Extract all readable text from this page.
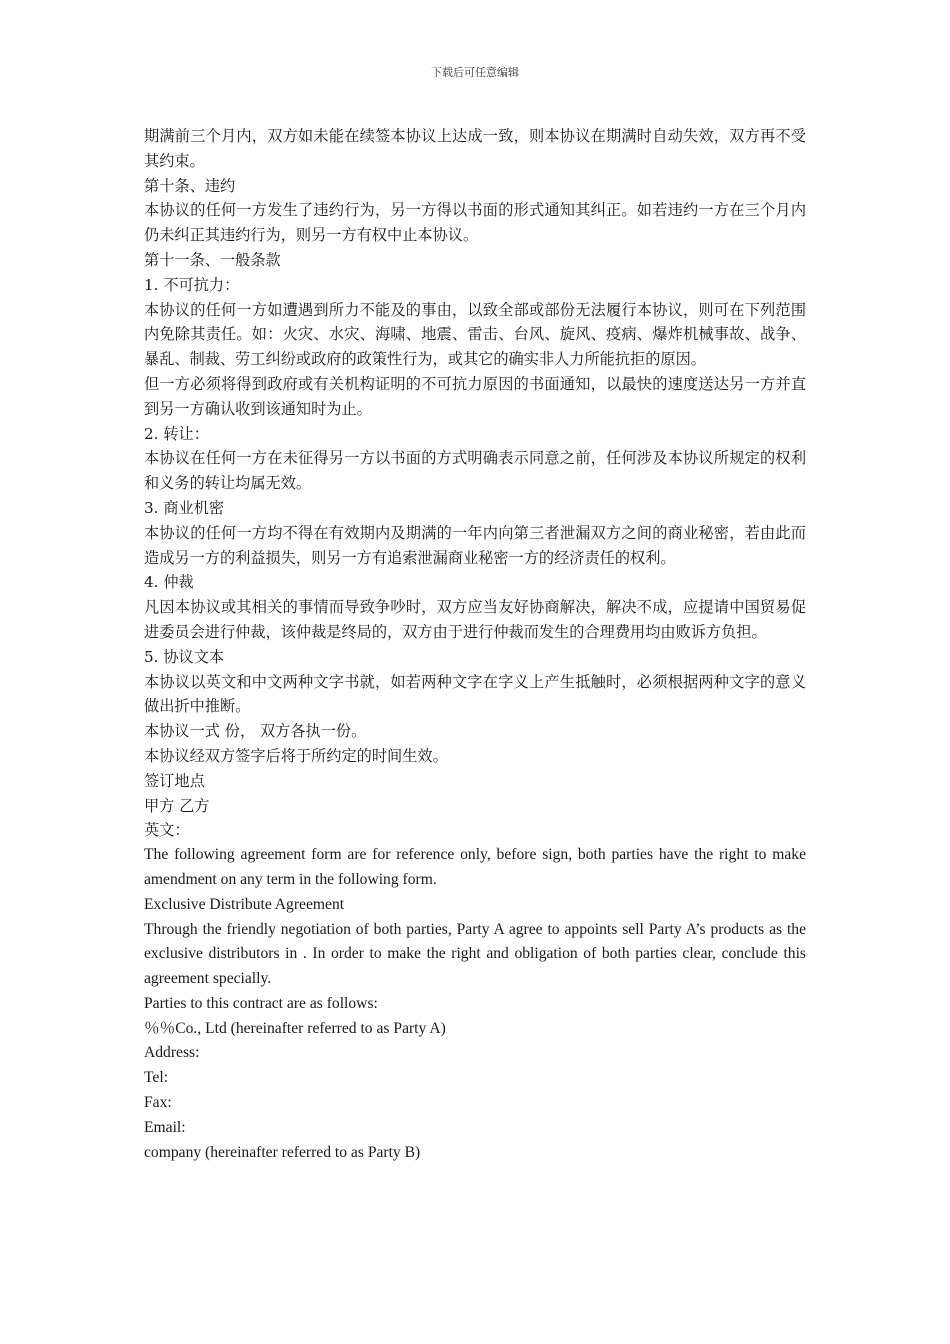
下载后可任意编辑

期满前三个月内，双方如未能在续签本协议上达成一致，则本协议在期满时自动失效，双方再不受其约束。

第十条、违约

本协议的任何一方发生了违约行为，另一方得以书面的形式通知其纠正。如若违约一方在三个月内仍未纠正其违约行为，则另一方有权中止本协议。

第十一条、一般条款

1. 不可抗力：

本协议的任何一方如遭遇到所力不能及的事由，以致全部或部份无法履行本协议，则可在下列范围内免除其责任。如：火灾、水灾、海啸、地震、雷击、台风、旋风、疫病、爆炸机械事故、战争、暴乱、制裁、劳工纠纷或政府的政策性行为，或其它的确实非人力所能抗拒的原因。

但一方必须将得到政府或有关机构证明的不可抗力原因的书面通知，以最快的速度送达另一方并直到另一方确认收到该通知时为止。

2. 转让：

本协议在任何一方在未征得另一方以书面的方式明确表示同意之前，任何涉及本协议所规定的权利和义务的转让均属无效。

3. 商业机密

本协议的任何一方均不得在有效期内及期满的一年内向第三者泄漏双方之间的商业秘密，若由此而造成另一方的利益损失，则另一方有追索泄漏商业秘密一方的经济责任的权利。

4. 仲裁

凡因本协议或其相关的事情而导致争吵时，双方应当友好协商解决，解决不成，应提请中国贸易促进委员会进行仲裁，该仲裁是终局的，双方由于进行仲裁而发生的合理费用均由败诉方负担。

5. 协议文本

本协议以英文和中文两种文字书就，如若两种文字在字义上产生抵触时，必须根据两种文字的意义做出折中推断。

本协议一式 份， 双方各执一份。

本协议经双方签字后将于所约定的时间生效。

签订地点

甲方 乙方

英文：

The following agreement form are for reference only, before sign, both parties have the right to make amendment on any term in the following form.

Exclusive Distribute Agreement

Through the friendly negotiation of both parties, Party A agree to appoints sell Party A’s products as the exclusive distributors in . In order to make the right and obligation of both parties clear, conclude this agreement specially.

Parties to this contract are as follows:

％％Co., Ltd (hereinafter referred to as Party A)

Address:

Tel:

Fax:

Email:

company (hereinafter referred to as Party B)
